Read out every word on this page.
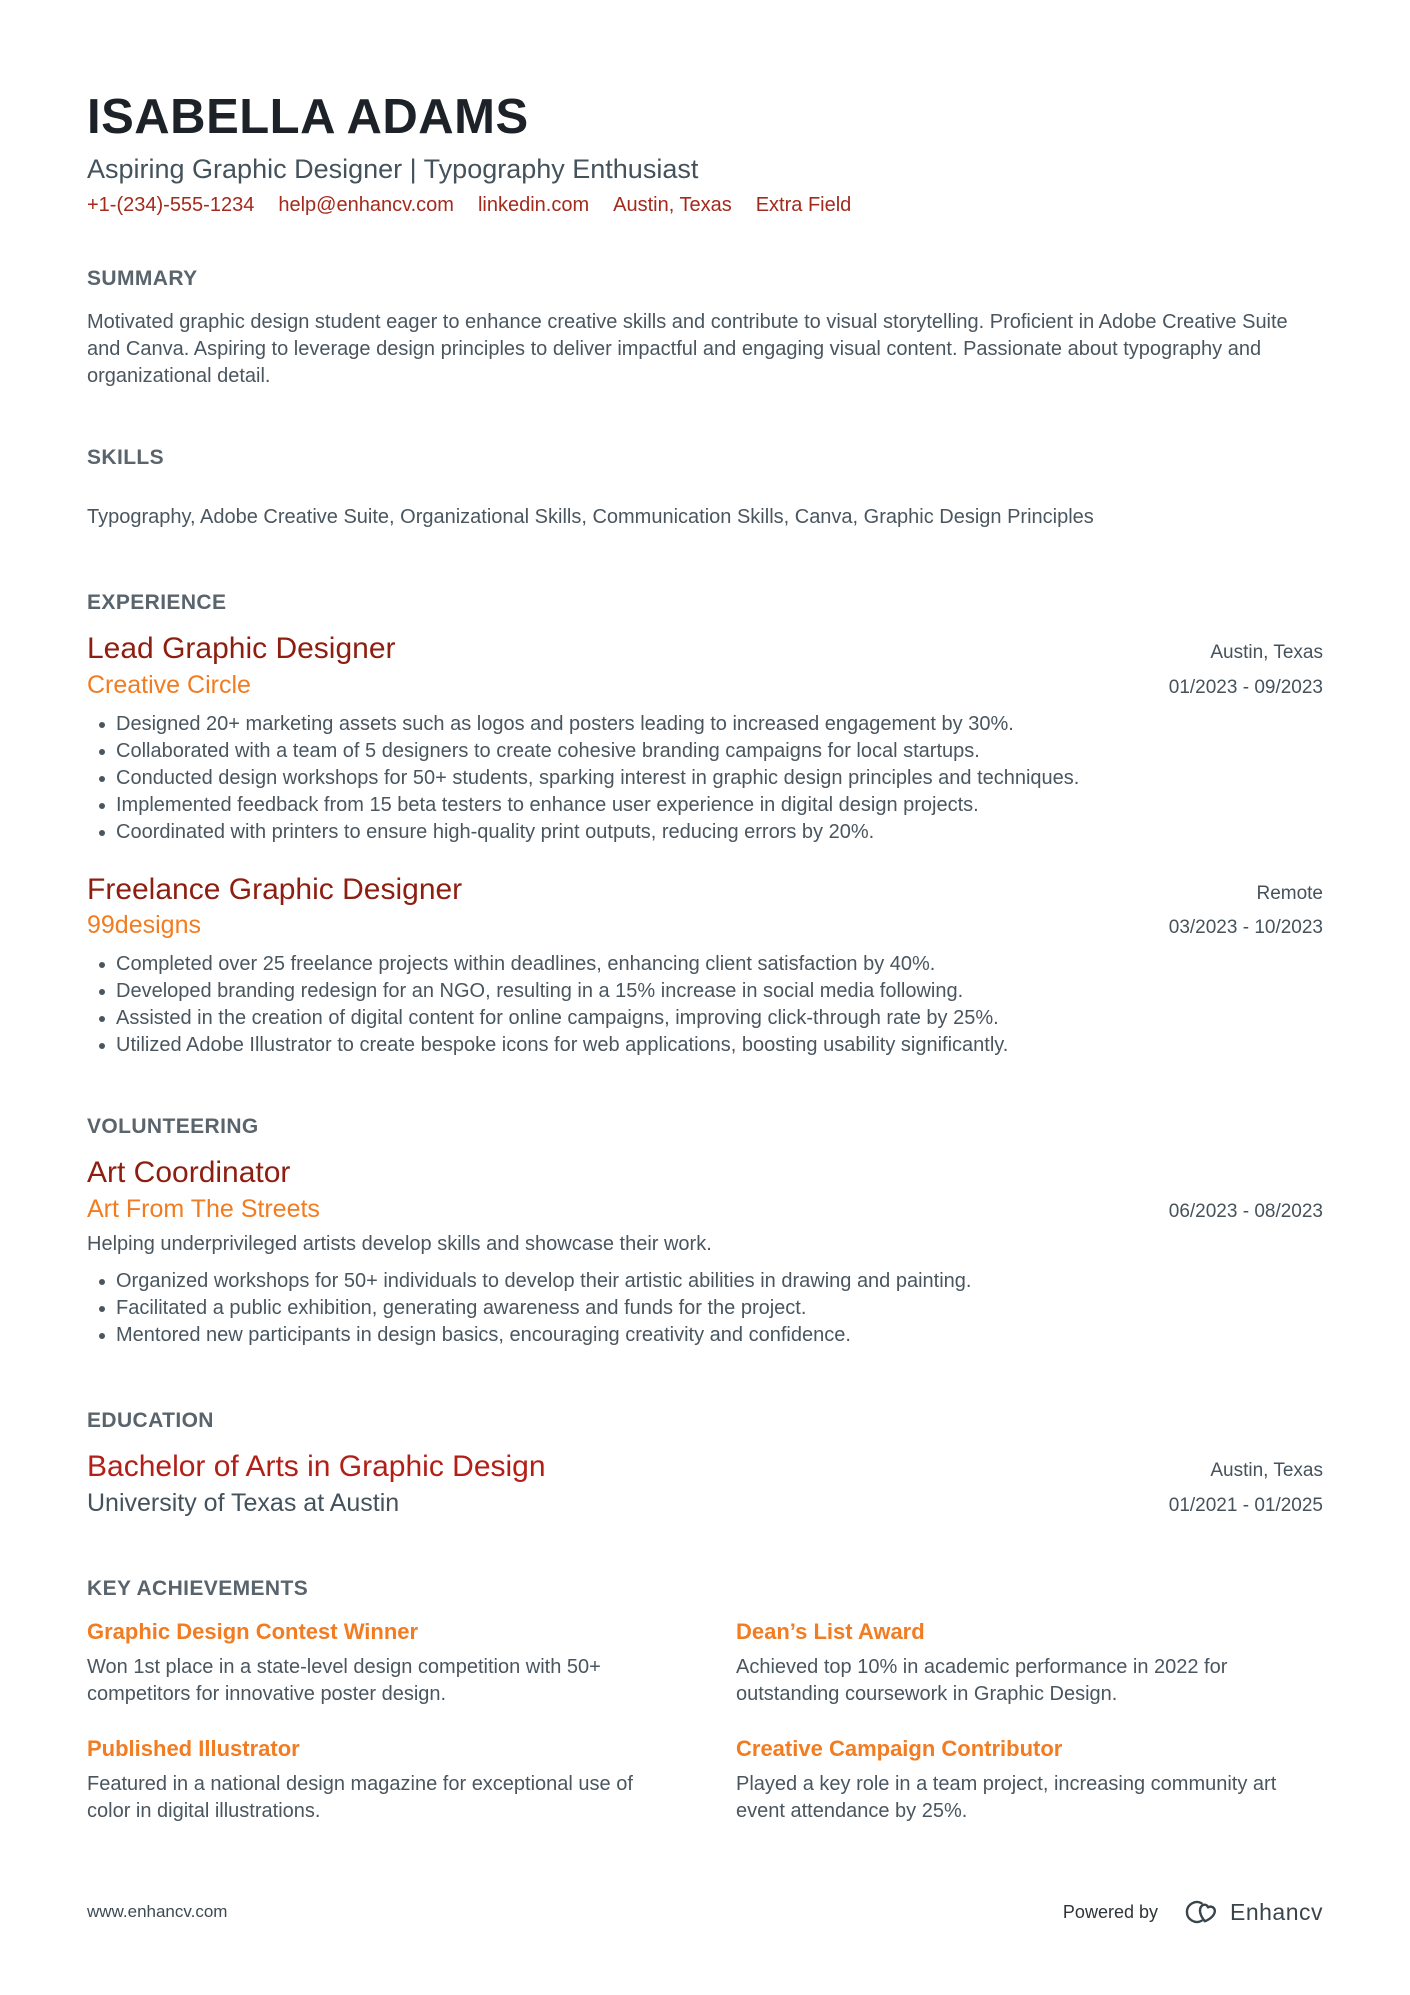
ISABELLA ADAMS
Aspiring Graphic Designer | Typography Enthusiast
+1-(234)-555-1234 help@enhancv.com linkedin.com Austin, Texas Extra Field
SUMMARY
Motivated graphic design student eager to enhance creative skills and contribute to visual storytelling. Proficient in Adobe Creative Suite and Canva. Aspiring to leverage design principles to deliver impactful and engaging visual content. Passionate about typography and organizational detail.
SKILLS
Typography, Adobe Creative Suite, Organizational Skills, Communication Skills, Canva, Graphic Design Principles
EXPERIENCE
Lead Graphic Designer	Austin, Texas
Creative Circle	01/2023 - 09/2023
Designed 20+ marketing assets such as logos and posters leading to increased engagement by 30%.
Collaborated with a team of 5 designers to create cohesive branding campaigns for local startups.
Conducted design workshops for 50+ students, sparking interest in graphic design principles and techniques.
Implemented feedback from 15 beta testers to enhance user experience in digital design projects.
Coordinated with printers to ensure high-quality print outputs, reducing errors by 20%.
Freelance Graphic Designer	Remote
99designs	03/2023 - 10/2023
Completed over 25 freelance projects within deadlines, enhancing client satisfaction by 40%.
Developed branding redesign for an NGO, resulting in a 15% increase in social media following.
Assisted in the creation of digital content for online campaigns, improving click-through rate by 25%.
Utilized Adobe Illustrator to create bespoke icons for web applications, boosting usability significantly.
VOLUNTEERING
Art Coordinator
Art From The Streets	06/2023 - 08/2023
Helping underprivileged artists develop skills and showcase their work.
Organized workshops for 50+ individuals to develop their artistic abilities in drawing and painting.
Facilitated a public exhibition, generating awareness and funds for the project.
Mentored new participants in design basics, encouraging creativity and confidence.
EDUCATION
Bachelor of Arts in Graphic Design	Austin, Texas
University of Texas at Austin	01/2021 - 01/2025
KEY ACHIEVEMENTS
Graphic Design Contest Winner
Won 1st place in a state-level design competition with 50+ competitors for innovative poster design.
Dean’s List Award
Achieved top 10% in academic performance in 2022 for outstanding coursework in Graphic Design.
Published Illustrator
Featured in a national design magazine for exceptional use of color in digital illustrations.
Creative Campaign Contributor
Played a key role in a team project, increasing community art event attendance by 25%.
www.enhancv.com	Powered by	Enhancv
